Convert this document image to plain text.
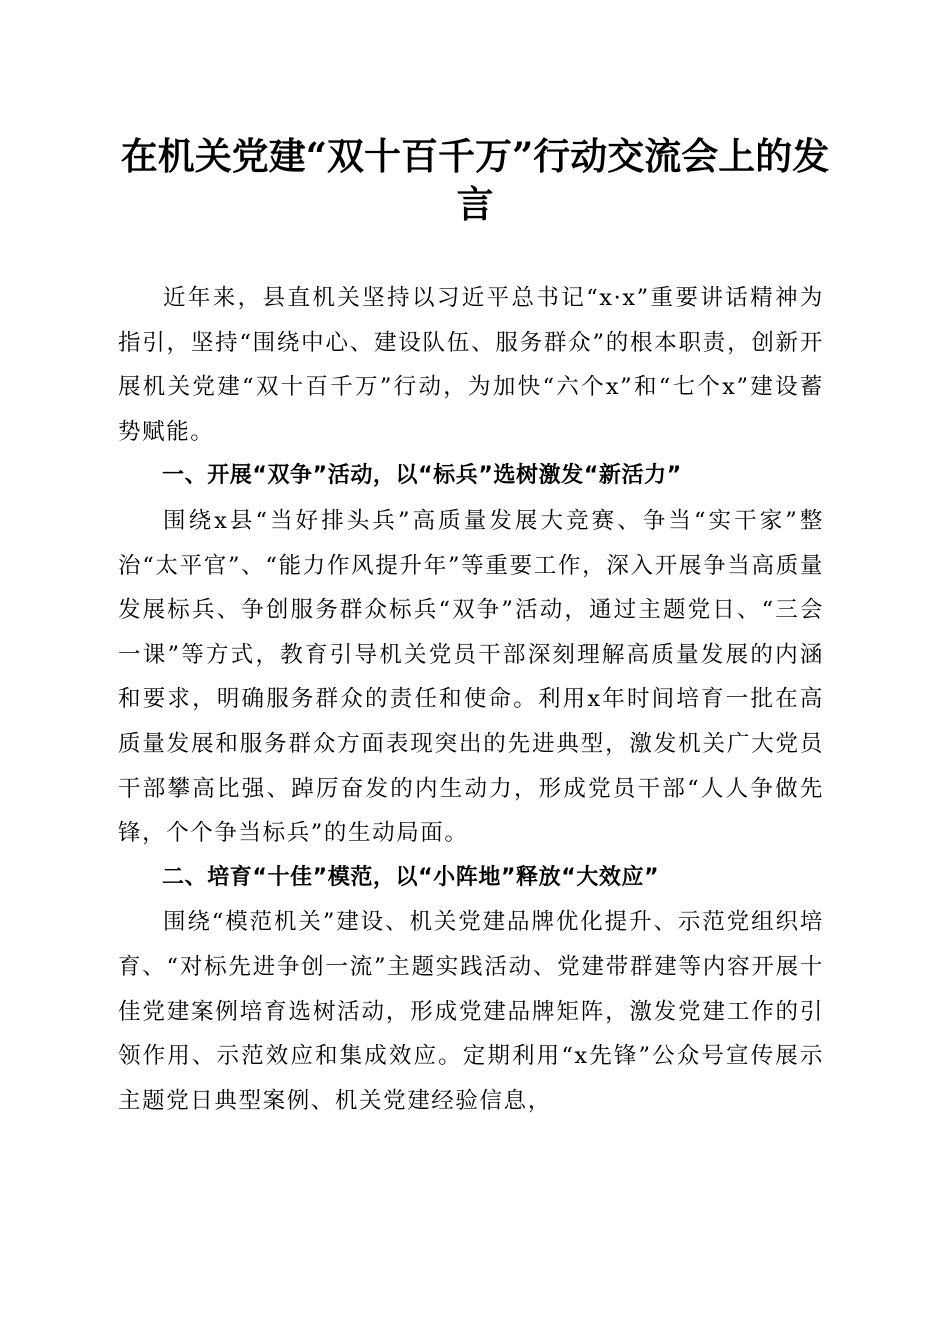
在机关党建“双十百千万”行动交流会上的发言

近年来，县直机关坚持以习近平总书记“x·x”重要讲话精神为指引，坚持“围绕中心、建设队伍、服务群众”的根本职责，创新开展机关党建“双十百千万”行动，为加快“六个x”和“七个x”建设蓄势赋能。

一、开展“双争”活动，以“标兵”选树激发“新活力”

围绕x县“当好排头兵”高质量发展大竞赛、争当“实干家”整治“太平官”、“能力作风提升年”等重要工作，深入开展争当高质量发展标兵、争创服务群众标兵“双争”活动，通过主题党日、“三会一课”等方式，教育引导机关党员干部深刻理解高质量发展的内涵和要求，明确服务群众的责任和使命。利用x年时间培育一批在高质量发展和服务群众方面表现突出的先进典型，激发机关广大党员干部攀高比强、踔厉奋发的内生动力，形成党员干部“人人争做先锋，个个争当标兵”的生动局面。

二、培育“十佳”模范，以“小阵地”释放“大效应”

围绕“模范机关”建设、机关党建品牌优化提升、示范党组织培育、“对标先进争创一流”主题实践活动、党建带群建等内容开展十佳党建案例培育选树活动，形成党建品牌矩阵，激发党建工作的引领作用、示范效应和集成效应。定期利用“x先锋”公众号宣传展示主题党日典型案例、机关党建经验信息，
